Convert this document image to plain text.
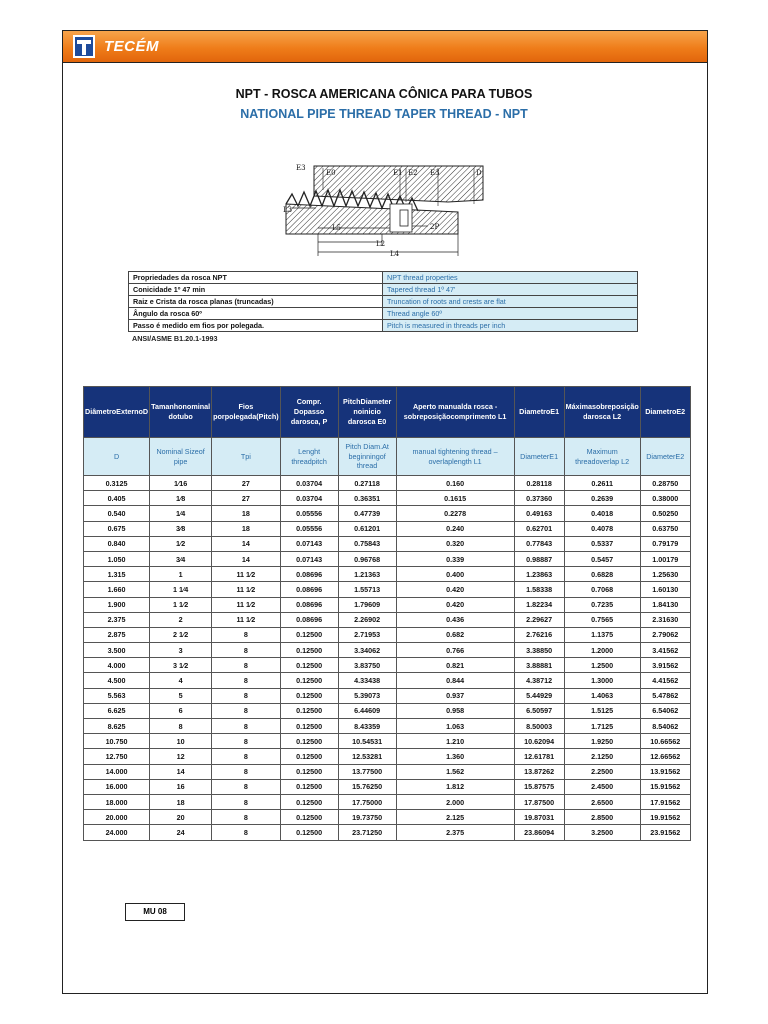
TECÉM
NPT - ROSCA AMERICANA CÔNICA PARA TUBOS
NATIONAL PIPE THREAD TAPER THREAD - NPT
E3
E0	E1 E2 E3	D
L3
L5	2P
L2
L4
Propriedades da rosca NPT	NPT thread properties
Conicidade 1º 47 min	Tapered thread 1º 47'
Raiz e Crista da rosca planas (truncadas)	Truncation of roots and crests are flat
Ângulo da rosca 60º	Thread angle 60º
Passo é medido em fios por polegada.	Pitch is measured in threads per inch
ANSI/ASME B1.20.1-1993
DiâmetroExternoD	Tamanhonominal dotubo	Fios porpolegada(Pitch)	Compr. Dopasso darosca, P	PitchDiameter noinicio darosca E0	Aperto manualda rosca - sobreposiçãocomprimento L1	DiametroE1	Máximasobreposição darosca L2	DiametroE2
D	Nominal Sizeof pipe	Tpi	Lenght threadpitch	Pitch Diam.At beginningof thread	manual tightening thread –overlaplength L1	DiameterE1	Maximum threadoverlap L2	DiameterE2
0.3125	1⁄16	27	0.03704	0.27118	0.160	0.28118	0.2611	0.28750
0.405	1⁄8	27	0.03704	0.36351	0.1615	0.37360	0.2639	0.38000
0.540	1⁄4	18	0.05556	0.47739	0.2278	0.49163	0.4018	0.50250
0.675	3⁄8	18	0.05556	0.61201	0.240	0.62701	0.4078	0.63750
0.840	1⁄2	14	0.07143	0.75843	0.320	0.77843	0.5337	0.79179
1.050	3⁄4	14	0.07143	0.96768	0.339	0.98887	0.5457	1.00179
1.315	1	11 1⁄2	0.08696	1.21363	0.400	1.23863	0.6828	1.25630
1.660	1 1⁄4	11 1⁄2	0.08696	1.55713	0.420	1.58338	0.7068	1.60130
1.900	1 1⁄2	11 1⁄2	0.08696	1.79609	0.420	1.82234	0.7235	1.84130
2.375	2	11 1⁄2	0.08696	2.26902	0.436	2.29627	0.7565	2.31630
2.875	2 1⁄2	8	0.12500	2.71953	0.682	2.76216	1.1375	2.79062
3.500	3	8	0.12500	3.34062	0.766	3.38850	1.2000	3.41562
4.000	3 1⁄2	8	0.12500	3.83750	0.821	3.88881	1.2500	3.91562
4.500	4	8	0.12500	4.33438	0.844	4.38712	1.3000	4.41562
5.563	5	8	0.12500	5.39073	0.937	5.44929	1.4063	5.47862
6.625	6	8	0.12500	6.44609	0.958	6.50597	1.5125	6.54062
8.625	8	8	0.12500	8.43359	1.063	8.50003	1.7125	8.54062
10.750	10	8	0.12500	10.54531	1.210	10.62094	1.9250	10.66562
12.750	12	8	0.12500	12.53281	1.360	12.61781	2.1250	12.66562
14.000	14	8	0.12500	13.77500	1.562	13.87262	2.2500	13.91562
16.000	16	8	0.12500	15.76250	1.812	15.87575	2.4500	15.91562
18.000	18	8	0.12500	17.75000	2.000	17.87500	2.6500	17.91562
20.000	20	8	0.12500	19.73750	2.125	19.87031	2.8500	19.91562
24.000	24	8	0.12500	23.71250	2.375	23.86094	3.2500	23.91562
MU 08
